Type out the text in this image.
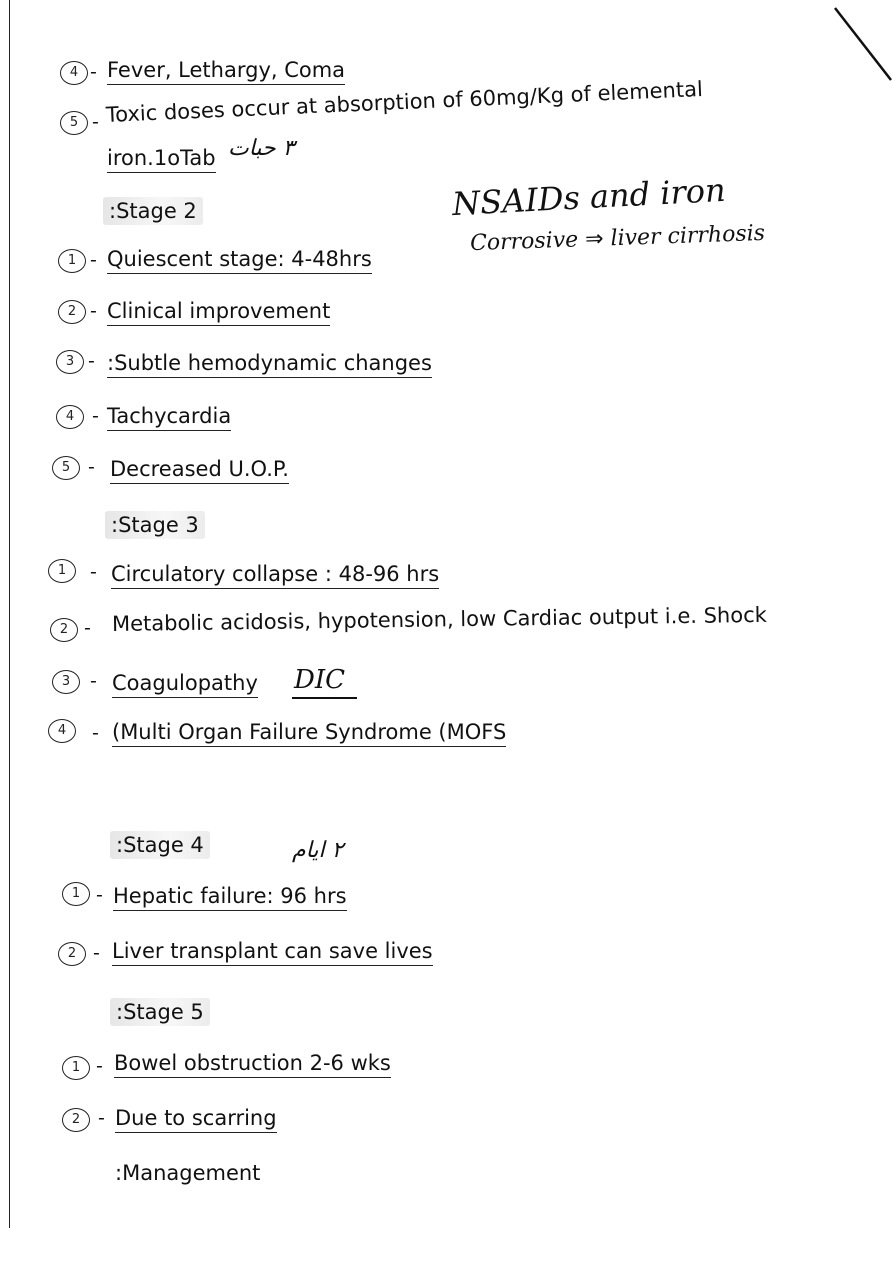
4 - Fever, Lethargy, Coma
5 - Toxic doses occur at absorption of 60mg/Kg of elemental
iron.1oTab ٣ حبات
:Stage 2	NSAIDs and iron
Corrosive ⇒ liver cirrhosis
1 - Quiescent stage: 4-48hrs
2 - Clinical improvement
3 - :Subtle hemodynamic changes
4 - Tachycardia
5 - Decreased U.O.P.
:Stage 3
1	- Circulatory collapse : 48-96 hrs
2 - Metabolic acidosis, hypotension, low Cardiac output i.e. Shock
3	- Coagulopathy DIC
4	- (Multi Organ Failure Syndrome (MOFS
:Stage 4	٢ ايام
1 - Hepatic failure: 96 hrs
2 - Liver transplant can save lives
:Stage 5
1 - Bowel obstruction 2-6 wks
2 - Due to scarring
:Management
